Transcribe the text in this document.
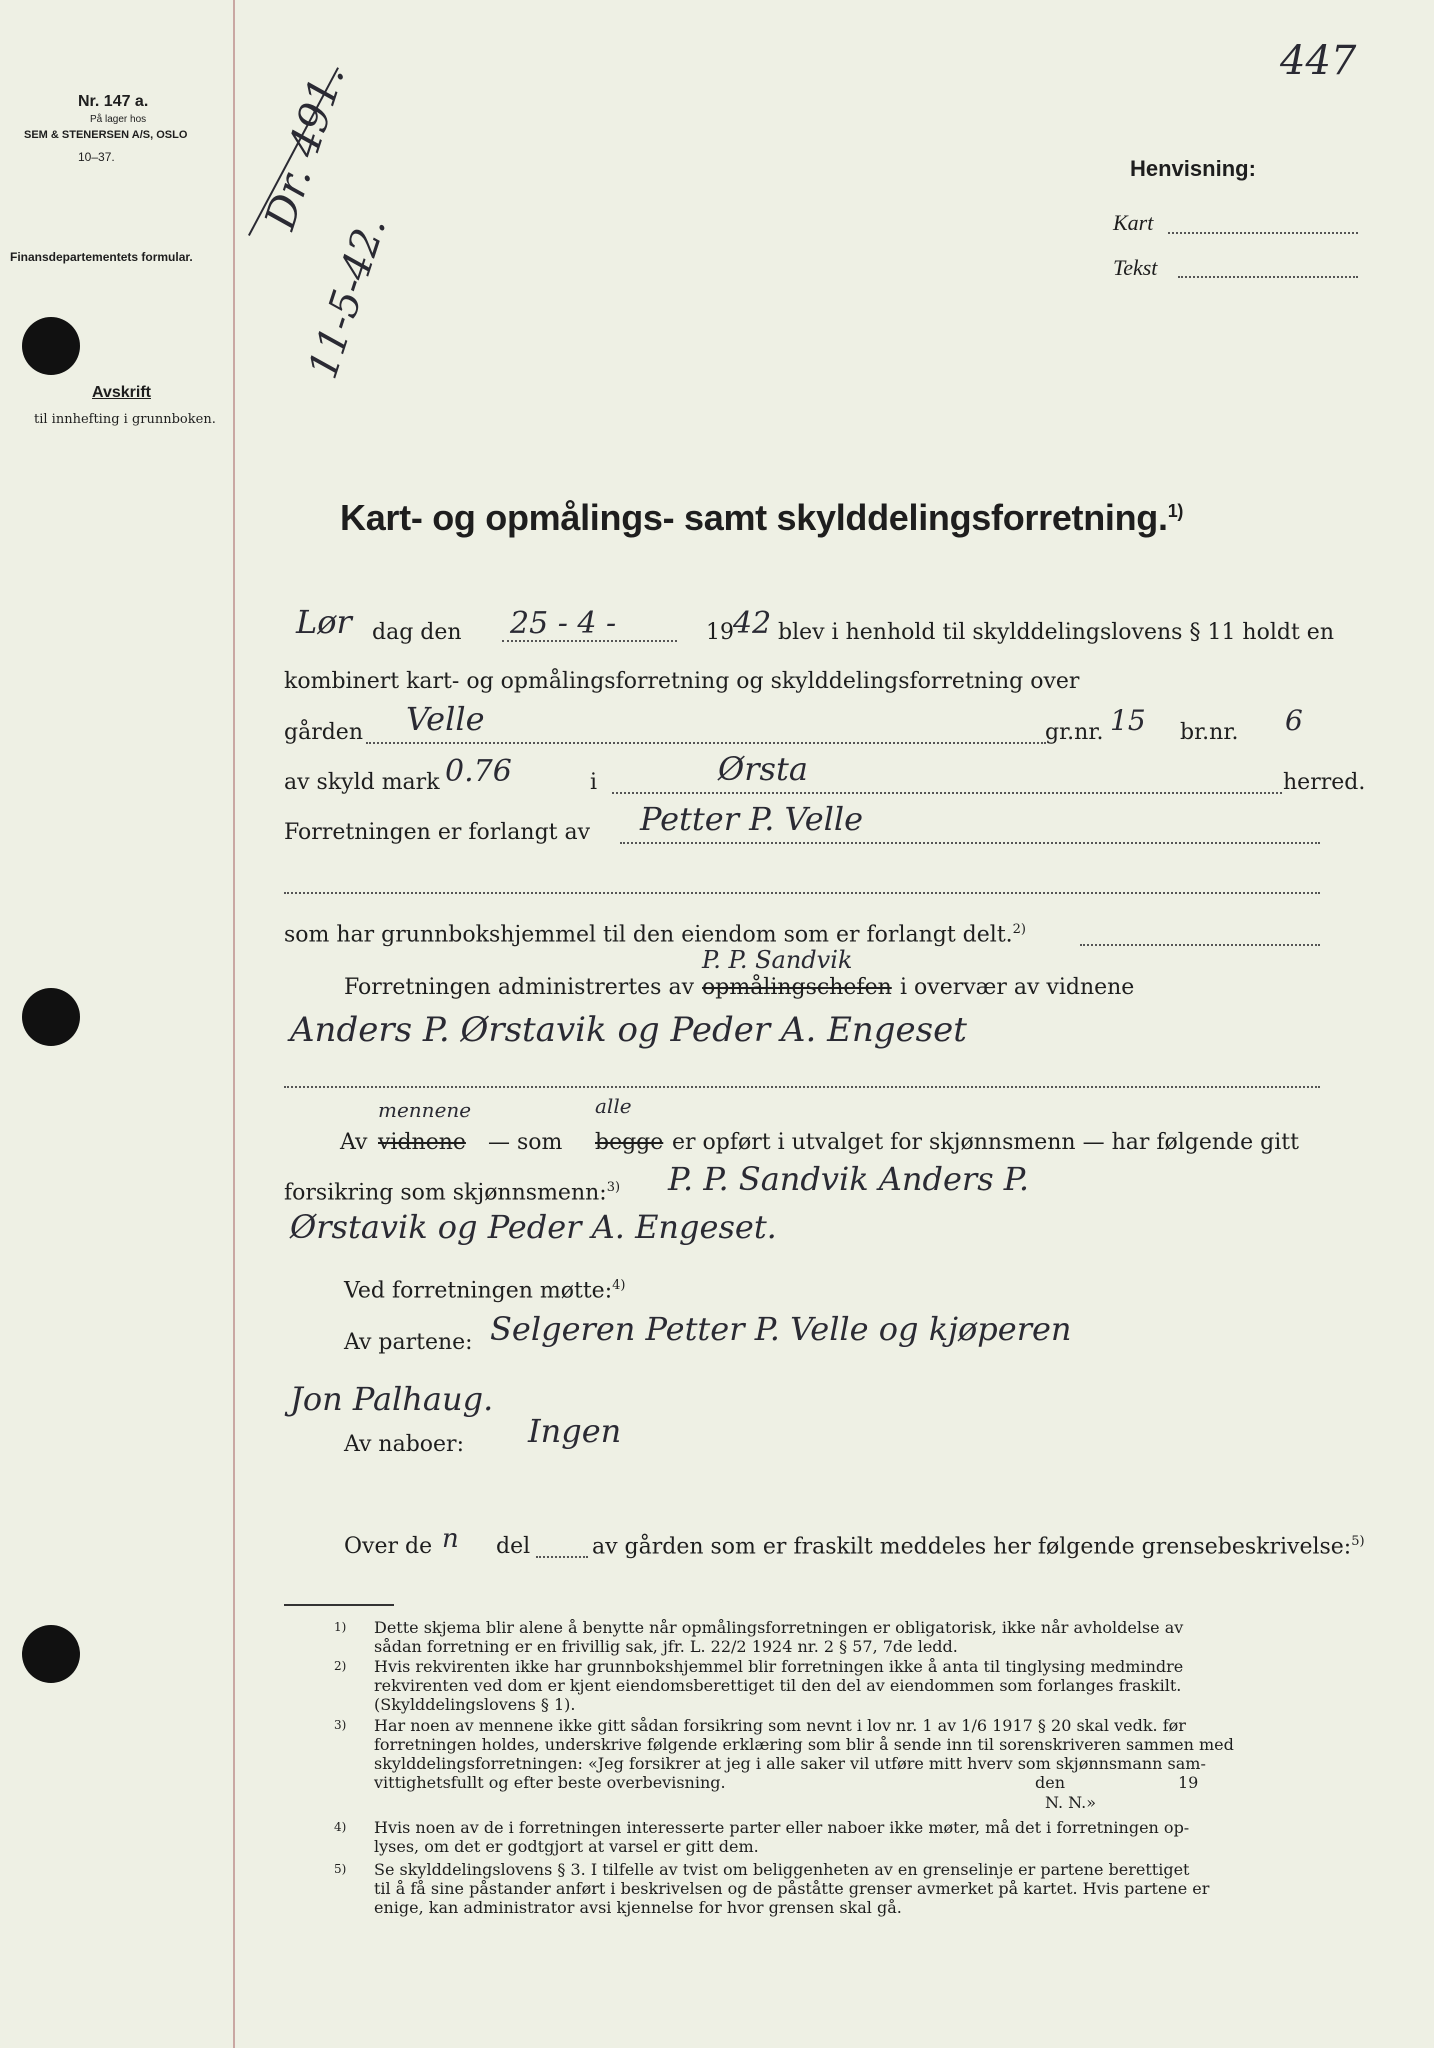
Nr. 147 a.
På lager hos
SEM & STENERSEN A/S, OSLO
10–37.
Finansdepartementets formular.
Avskrift
til innhefting i grunnboken.
447
Henvisning:
Kart
Tekst
Dr. 491.
11-5-42.
Kart- og opmålings- samt skylddelingsforretning.$^{1)}$
Lør dag den 25 - 4 -	19 42 blev i henhold til skylddelingslovens § 11 holdt en
kombinert kart- og opmålingsforretning og skylddelingsforretning over
gården Velle	gr.nr. 15 br.nr. 6
av skyld mark 0.76	i	Ørsta	herred.
Forretningen er forlangt av Petter P. Velle
som har grunnbokshjemmel til den eiendom som er forlangt delt.$^{2)}$
Forretningen administrertes av
P. P. Sandvik
opmålingschefen i overvær av vidnene
Anders P. Ørstavik og Peder A. Engeset
mennene	alle
Av vidnene — som begge er opført i utvalget for skjønnsmenn — har følgende gitt
forsikring som skjønnsmenn:$^{3)}$ P. P. Sandvik Anders P.
Ørstavik og Peder A. Engeset.
Ved forretningen møtte:$^{4)}$
Av partene: Selgeren Petter P. Velle og kjøperen
Jon Palhaug.
Av naboer: Ingen
Over de n del	av gården som er fraskilt meddeles her følgende grensebeskrivelse:$^{5)}$
1) Dette skjema blir alene å benytte når opmålingsforretningen er obligatorisk, ikke når avholdelse av
sådan forretning er en frivillig sak, jfr. L. 22/2 1924 nr. 2 § 57, 7de ledd.
2) Hvis rekvirenten ikke har grunnbokshjemmel blir forretningen ikke å anta til tinglysing medmindre
rekvirenten ved dom er kjent eiendomsberettiget til den del av eiendommen som forlanges fraskilt.
(Skylddelingslovens § 1).
3) Har noen av mennene ikke gitt sådan forsikring som nevnt i lov nr. 1 av 1/6 1917 § 20 skal vedk. før
forretningen holdes, underskrive følgende erklæring som blir å sende inn til sorenskriveren sammen med
skylddelingsforretningen: «Jeg forsikrer at jeg i alle saker vil utføre mitt hverv som skjønnsmann sam-
vittighetsfullt og efter beste overbevisning.	den	19
N. N.»
4) Hvis noen av de i forretningen interesserte parter eller naboer ikke møter, må det i forretningen op-
lyses, om det er godtgjort at varsel er gitt dem.
5) Se skylddelingslovens § 3. I tilfelle av tvist om beliggenheten av en grenselinje er partene berettiget
til å få sine påstander anført i beskrivelsen og de påståtte grenser avmerket på kartet. Hvis partene er
enige, kan administrator avsi kjennelse for hvor grensen skal gå.
